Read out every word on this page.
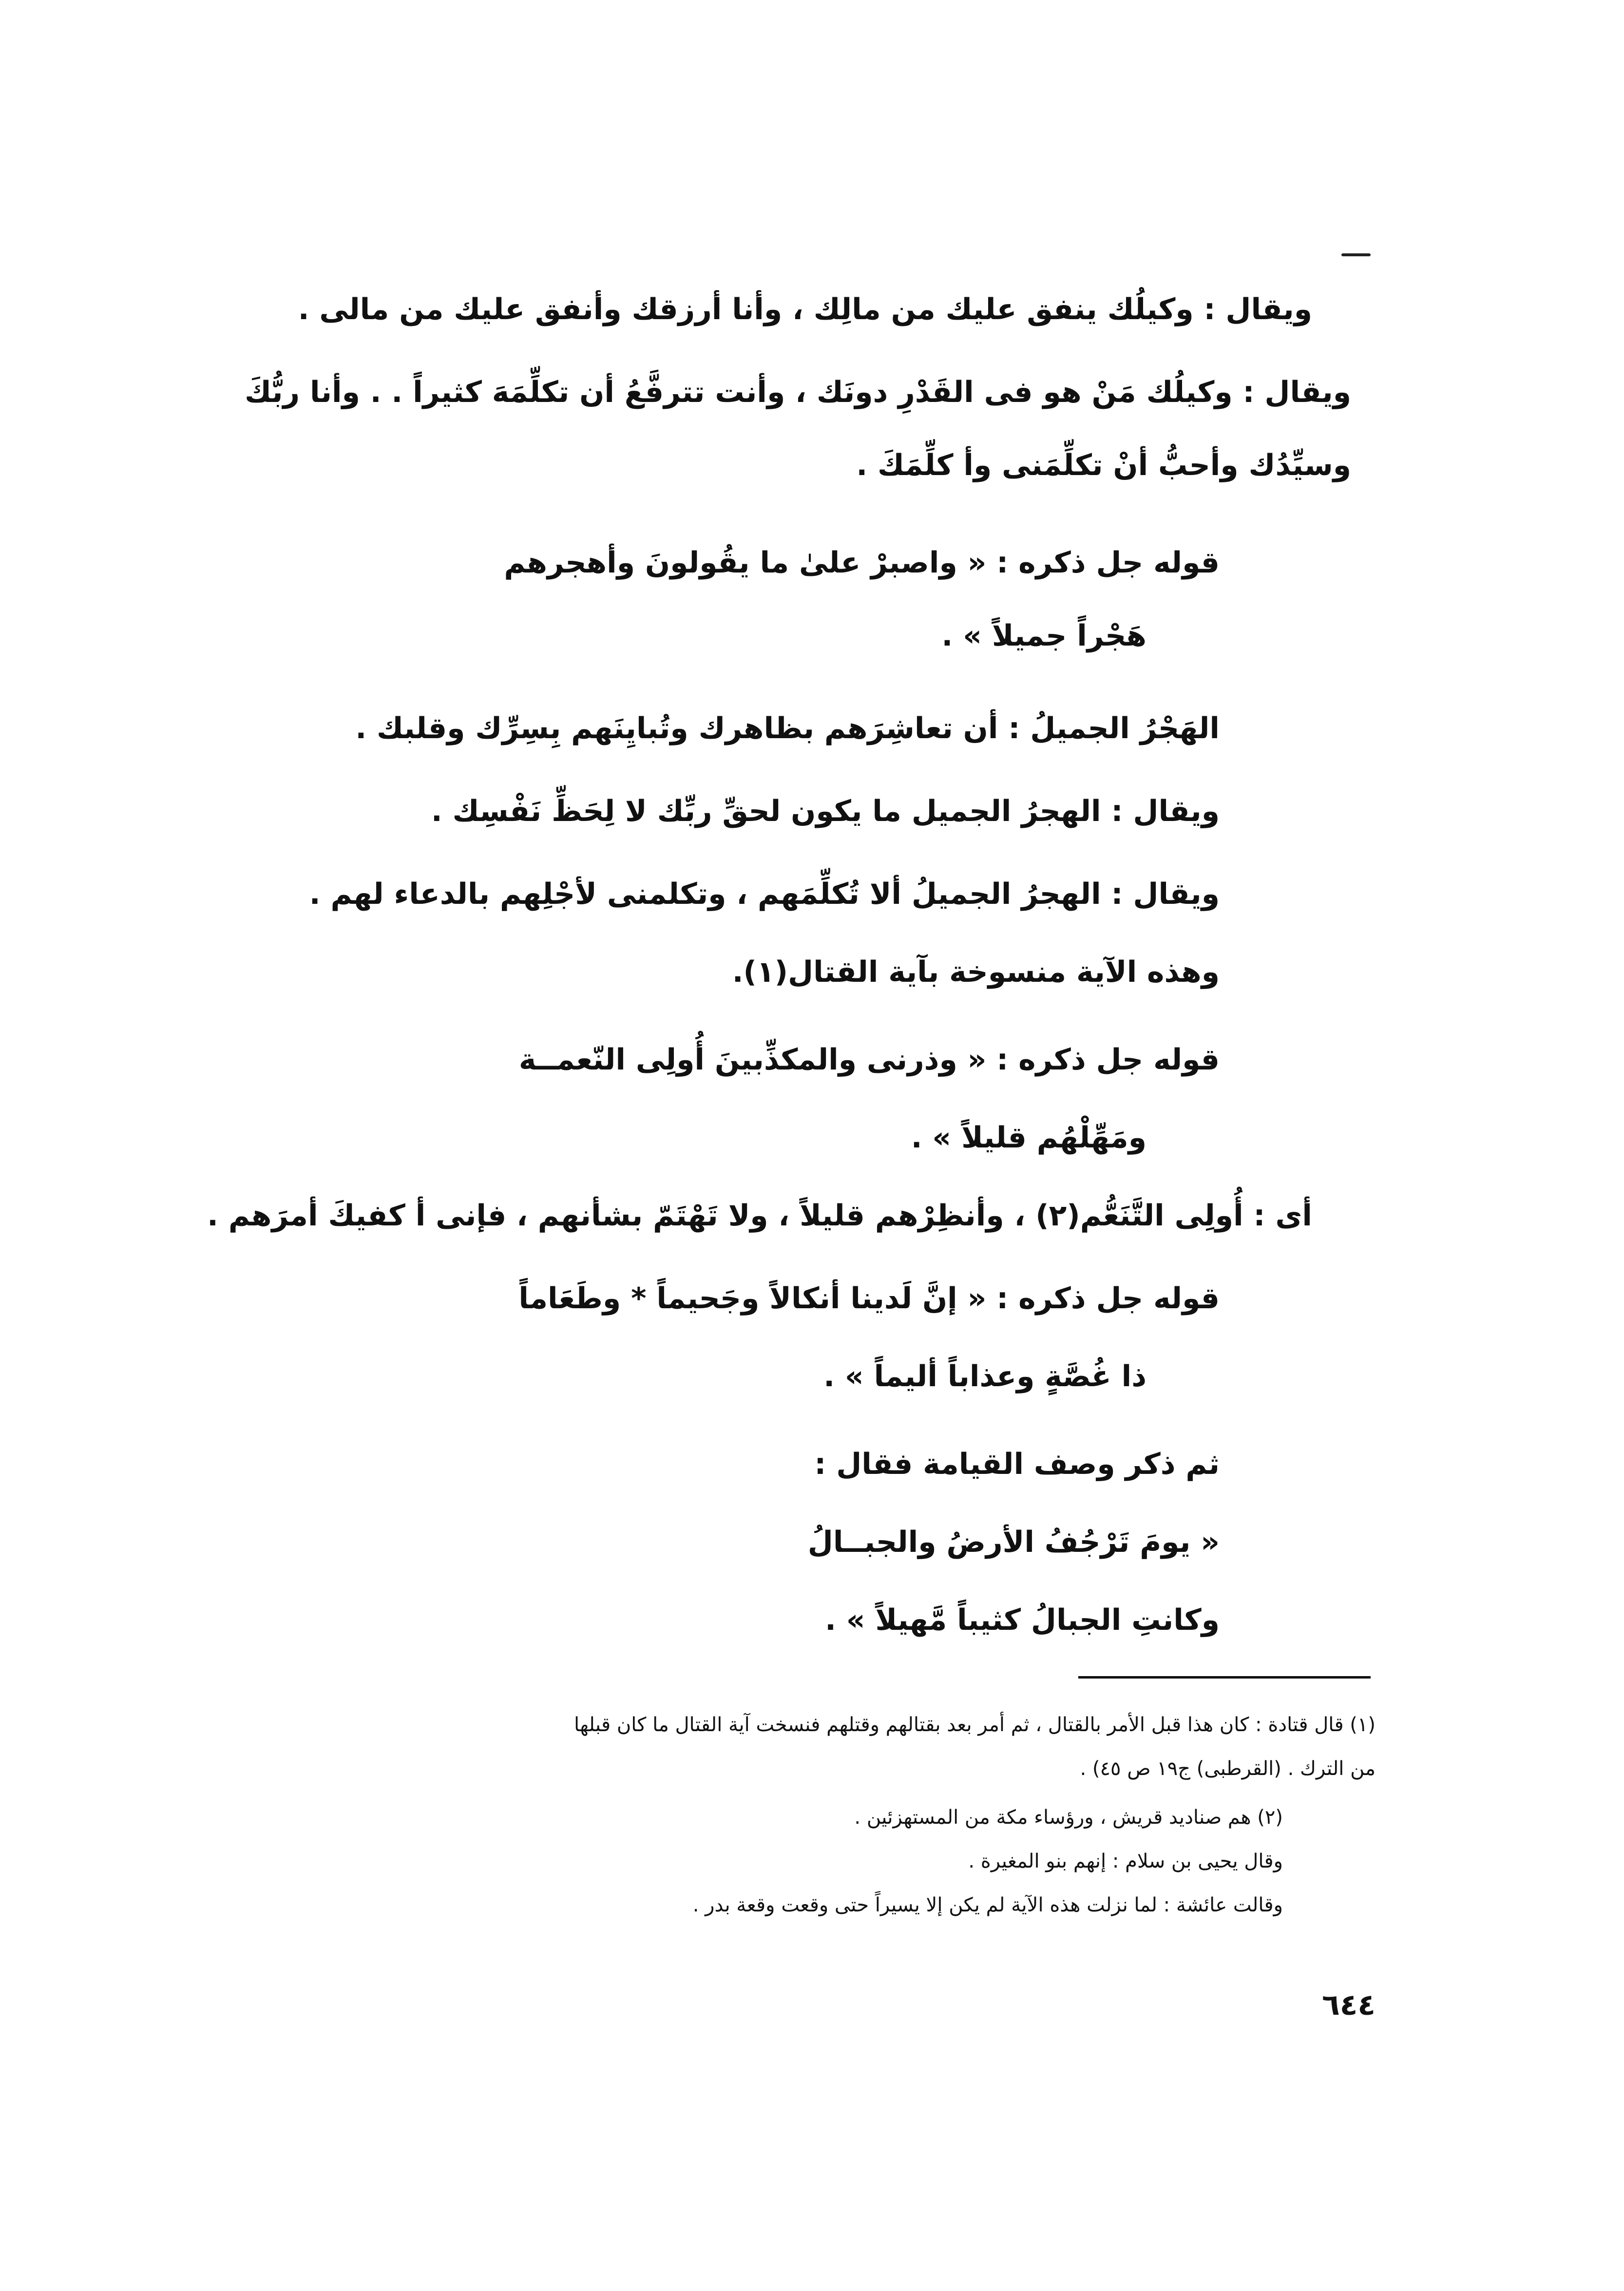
ويقال : وكيلُك ينفق عليك من مالِك ، وأنا أرزقك وأنفق عليك من مالى .
ويقال : وكيلُك مَنْ هو فى القَدْرِ دونَك ، وأنت تترفَّعُ أن تكلِّمَهَ كثيراً . . وأنا ربُّكَ
وسيِّدُك وأحبُّ أنْ تكلِّمَنى وأ كلِّمَكَ .
قوله جل ذكره : « واصبرْ علىٰ ما يقُولونَ وأهجرهم
هَجْراً جميلاً » .
الهَجْرُ الجميلُ : أن تعاشِرَهم بظاهرك وتُبايِنَهم بِسِرِّك وقلبك .
ويقال : الهجرُ الجميل ما يكون لحقِّ ربِّك لا لِحَظِّ نَفْسِك .
ويقال : الهجرُ الجميلُ ألا تُكلِّمَهم ، وتكلمنى لأجْلِهم بالدعاء لهم .
وهذه الآية منسوخة بآية القتال(١).
قوله جل ذكره : « وذرنى والمكذِّبينَ أُولِى النّعمــة
ومَهِّلْهُم قليلاً » .
أى : أُولِى التَّنَعُّم(٢) ، وأنظِرْهم قليلاً ، ولا تَهْتَمّ بشأنهم ، فإنى أ كفيكَ أمرَهم .
قوله جل ذكره : « إنَّ لَدينا أنكالاً وجَحيماً * وطَعَاماً
ذا غُصَّةٍ وعذاباً أليماً » .
ثم ذكر وصف القيامة فقال :
« يومَ تَرْجُفُ الأرضُ والجبــالُ
وكانتِ الجبالُ كثيباً مَّهيلاً » .
(١) قال قتادة : كان هذا قبل الأمر بالقتال ، ثم أمر بعد بقتالهم وقتلهم فنسخت آية القتال ما كان قبلها
من الترك . (القرطبى) ج١٩ ص ٤٥) .
(٢) هم صناديد قريش ، ورؤساء مكة من المستهزئين .
وقال يحيى بن سلام : إنهم بنو المغيرة .
وقالت عائشة : لما نزلت هذه الآية لم يكن إلا يسيراً حتى وقعت وقعة بدر .
٦٤٤
